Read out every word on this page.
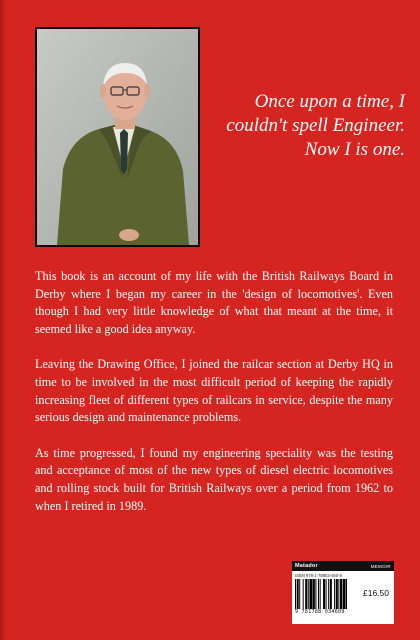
Once upon a time, I
couldn't spell Engineer.
Now I is one.

This book is an account of my life with the British Railways Board in Derby where I began my career in the 'design of locomotives'. Even though I had very little knowledge of what that meant at the time, it seemed like a good idea anyway.

Leaving the Drawing Office, I joined the railcar section at Derby HQ in time to be involved in the most difficult period of keeping the rapidly increasing fleet of different types of railcars in service, despite the many serious design and maintenance problems.

As time progressed, I found my engineering speciality was the testing and acceptance of most of the new types of diesel electric locomotives and rolling stock built for British Railways over a period from 1962 to when I retired in 1989.

Matador	MEMOIR
ISBN 978-1-78803-460-9
£16.50
9 781788 034609
